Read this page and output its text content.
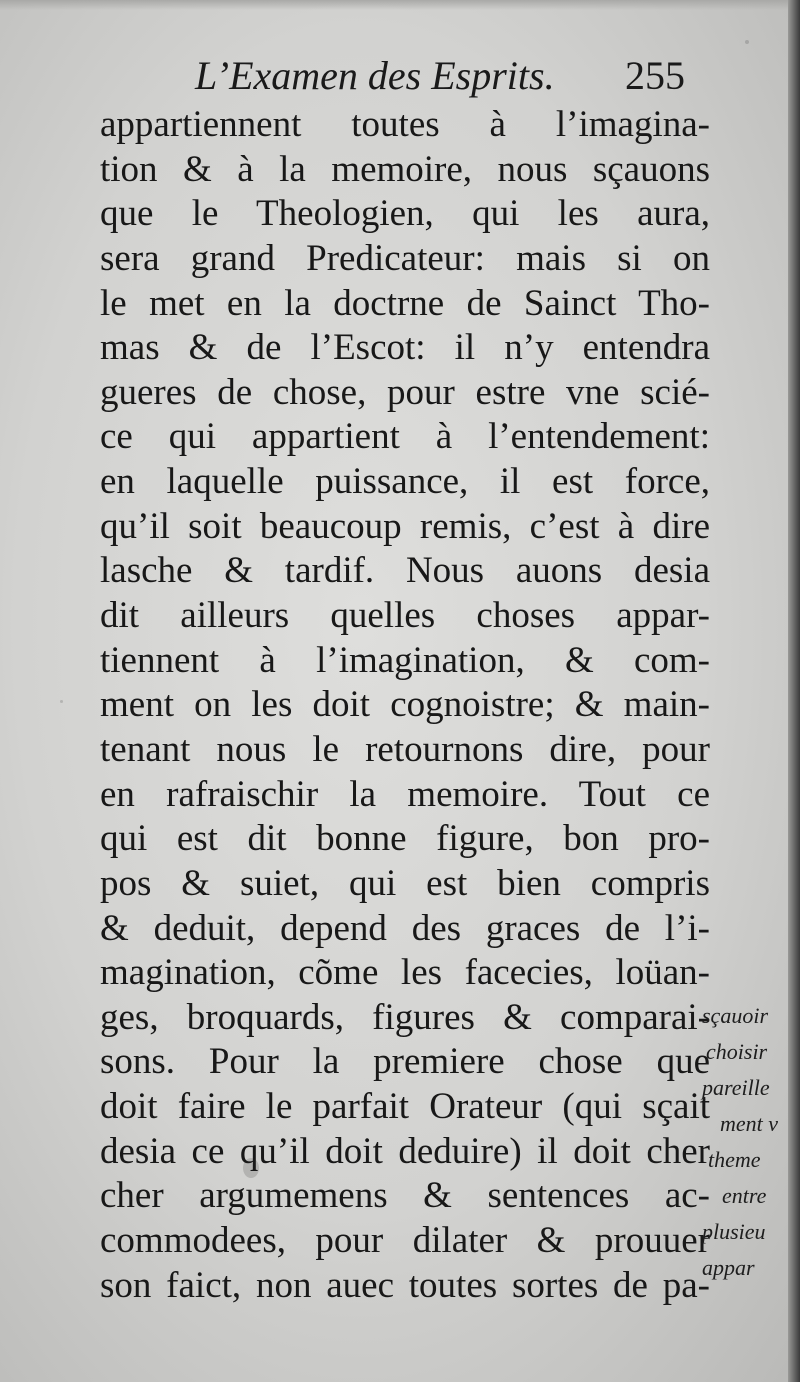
L’Examen des Esprits. 255
appartiennent toutes à l’imagina-
tion & à la memoire, nous sçauons
que le Theologien, qui les aura,
sera grand Predicateur: mais si on
le met en la doctrne de Sainct Tho-
mas & de l’Escot: il n’y entendra
gueres de chose, pour estre vne scié-
ce qui appartient à l’entendement:
en laquelle puissance, il est force,
qu’il soit beaucoup remis, c’est à dire
lasche & tardif. Nous auons desia
dit ailleurs quelles choses appar-
tiennent à l’imagination, & com-
ment on les doit cognoistre; & main-
tenant nous le retournons dire, pour
en rafraischir la memoire. Tout ce
qui est dit bonne figure, bon pro-
pos & suiet, qui est bien compris
& deduit, depend des graces de l’i-
magination, cõme les facecies, loüan-
ges, broquards, figures & comparai-
sons. Pour la premiere chose que
doit faire le parfait Orateur (qui sçait
desia ce qu’il doit deduire) il doit cher
cher argumemens & sentences ac-
commodees, pour dilater & prouuer
son faict, non auec toutes sortes de pa-
sçauoir
choisir
pareille
ment v
theme
entre
plusieu
appar
